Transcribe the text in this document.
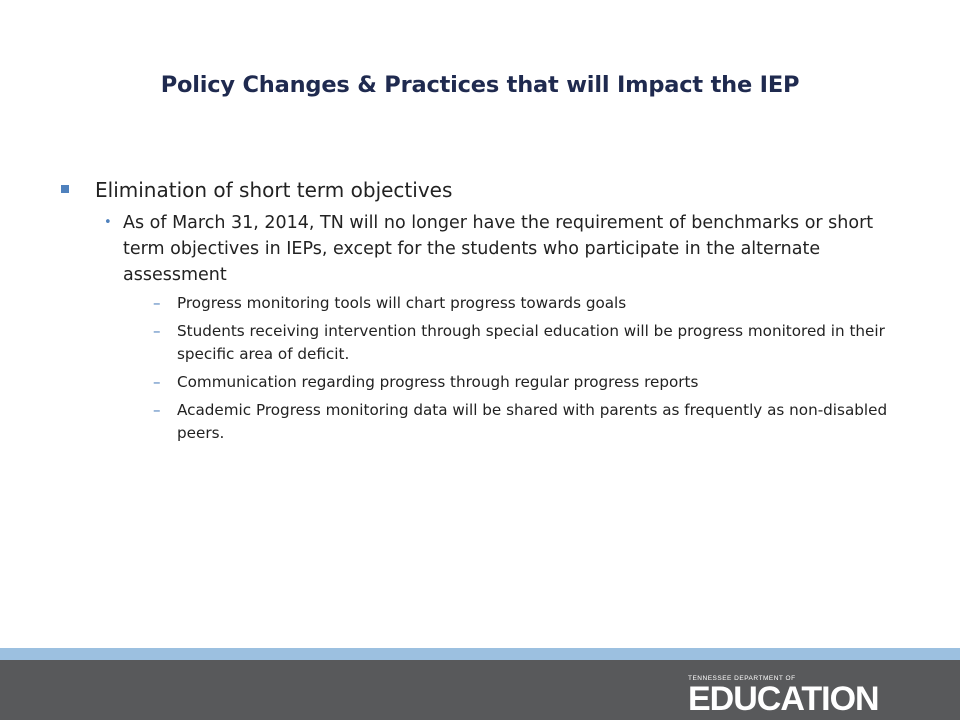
Policy Changes & Practices that will Impact the IEP
Elimination of short term objectives
• As of March 31, 2014, TN will no longer have the requirement of benchmarks or short term objectives in IEPs, except for the students who participate in the alternate assessment
–	Progress monitoring tools will chart progress towards goals
–	Students receiving intervention through special education will be progress monitored in their specific area of deficit.
–	Communication regarding progress through regular progress reports
–	Academic Progress monitoring data will be shared with parents as frequently as non-disabled peers.
TENNESSEE DEPARTMENT OF
EDUCATION
